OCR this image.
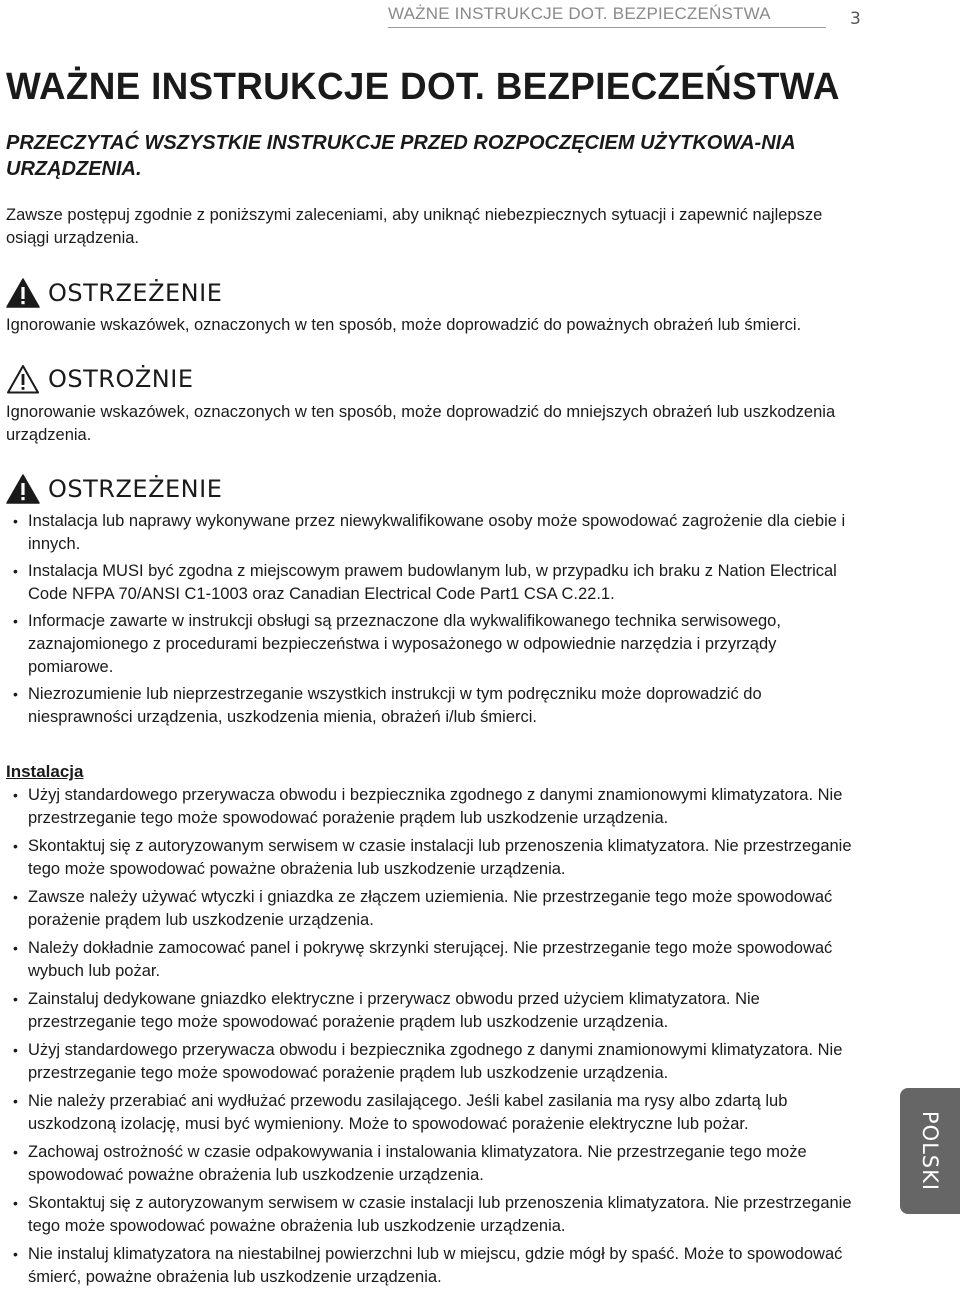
WAŻNE INSTRUKCJE DOT. BEZPIECZEŃSTWA	3
WAŻNE INSTRUKCJE DOT. BEZPIECZEŃSTWA

PRZECZYTAĆ WSZYSTKIE INSTRUKCJE PRZED ROZPOCZĘCIEM UŻYTKOWA-NIA URZĄDZENIA.

Zawsze postępuj zgodnie z poniższymi zaleceniami, aby uniknąć niebezpiecznych sytuacji i zapewnić najlepsze osiągi urządzenia.

OSTRZEŻENIE

Ignorowanie wskazówek, oznaczonych w ten sposób, może doprowadzić do poważnych obrażeń lub śmierci.

OSTROŻNIE

Ignorowanie wskazówek, oznaczonych w ten sposób, może doprowadzić do mniejszych obrażeń lub uszkodzenia urządzenia.

OSTRZEŻENIE
• Instalacja lub naprawy wykonywane przez niewykwalifikowane osoby może spowodować zagrożenie dla ciebie i innych.
• Instalacja MUSI być zgodna z miejscowym prawem budowlanym lub, w przypadku ich braku z Nation Electrical Code NFPA 70/ANSI C1-1003 oraz Canadian Electrical Code Part1 CSA C.22.1.
• Informacje zawarte w instrukcji obsługi są przeznaczone dla wykwalifikowanego technika serwisowego, zaznajomionego z procedurami bezpieczeństwa i wyposażonego w odpowiednie narzędzia i przyrządy pomiarowe.
• Niezrozumienie lub nieprzestrzeganie wszystkich instrukcji w tym podręczniku może doprowadzić do niesprawności urządzenia, uszkodzenia mienia, obrażeń i/lub śmierci.
Instalacja
• Użyj standardowego przerywacza obwodu i bezpiecznika zgodnego z danymi znamionowymi klimatyzatora. Nie przestrzeganie tego może spowodować porażenie prądem lub uszkodzenie urządzenia.
• Skontaktuj się z autoryzowanym serwisem w czasie instalacji lub przenoszenia klimatyzatora. Nie przestrzeganie tego może spowodować poważne obrażenia lub uszkodzenie urządzenia.
• Zawsze należy używać wtyczki i gniazdka ze złączem uziemienia. Nie przestrzeganie tego może spowodować porażenie prądem lub uszkodzenie urządzenia.
• Należy dokładnie zamocować panel i pokrywę skrzynki sterującej. Nie przestrzeganie tego może spowodować wybuch lub pożar.
• Zainstaluj dedykowane gniazdko elektryczne i przerywacz obwodu przed użyciem klimatyzatora. Nie przestrzeganie tego może spowodować porażenie prądem lub uszkodzenie urządzenia.
• Użyj standardowego przerywacza obwodu i bezpiecznika zgodnego z danymi znamionowymi klimatyzatora. Nie przestrzeganie tego może spowodować porażenie prądem lub uszkodzenie urządzenia.
• Nie należy przerabiać ani wydłużać przewodu zasilającego. Jeśli kabel zasilania ma rysy albo zdartą lub uszkodzoną izolację, musi być wymieniony. Może to spowodować porażenie elektryczne lub pożar.
• Zachowaj ostrożność w czasie odpakowywania i instalowania klimatyzatora. Nie przestrzeganie tego może spowodować poważne obrażenia lub uszkodzenie urządzenia.
• Skontaktuj się z autoryzowanym serwisem w czasie instalacji lub przenoszenia klimatyzatora. Nie przestrzeganie tego może spowodować poważne obrażenia lub uszkodzenie urządzenia.
• Nie instaluj klimatyzatora na niestabilnej powierzchni lub w miejscu, gdzie mógł by spaść. Może to spowodować śmierć, poważne obrażenia lub uszkodzenie urządzenia.
POLSKI
